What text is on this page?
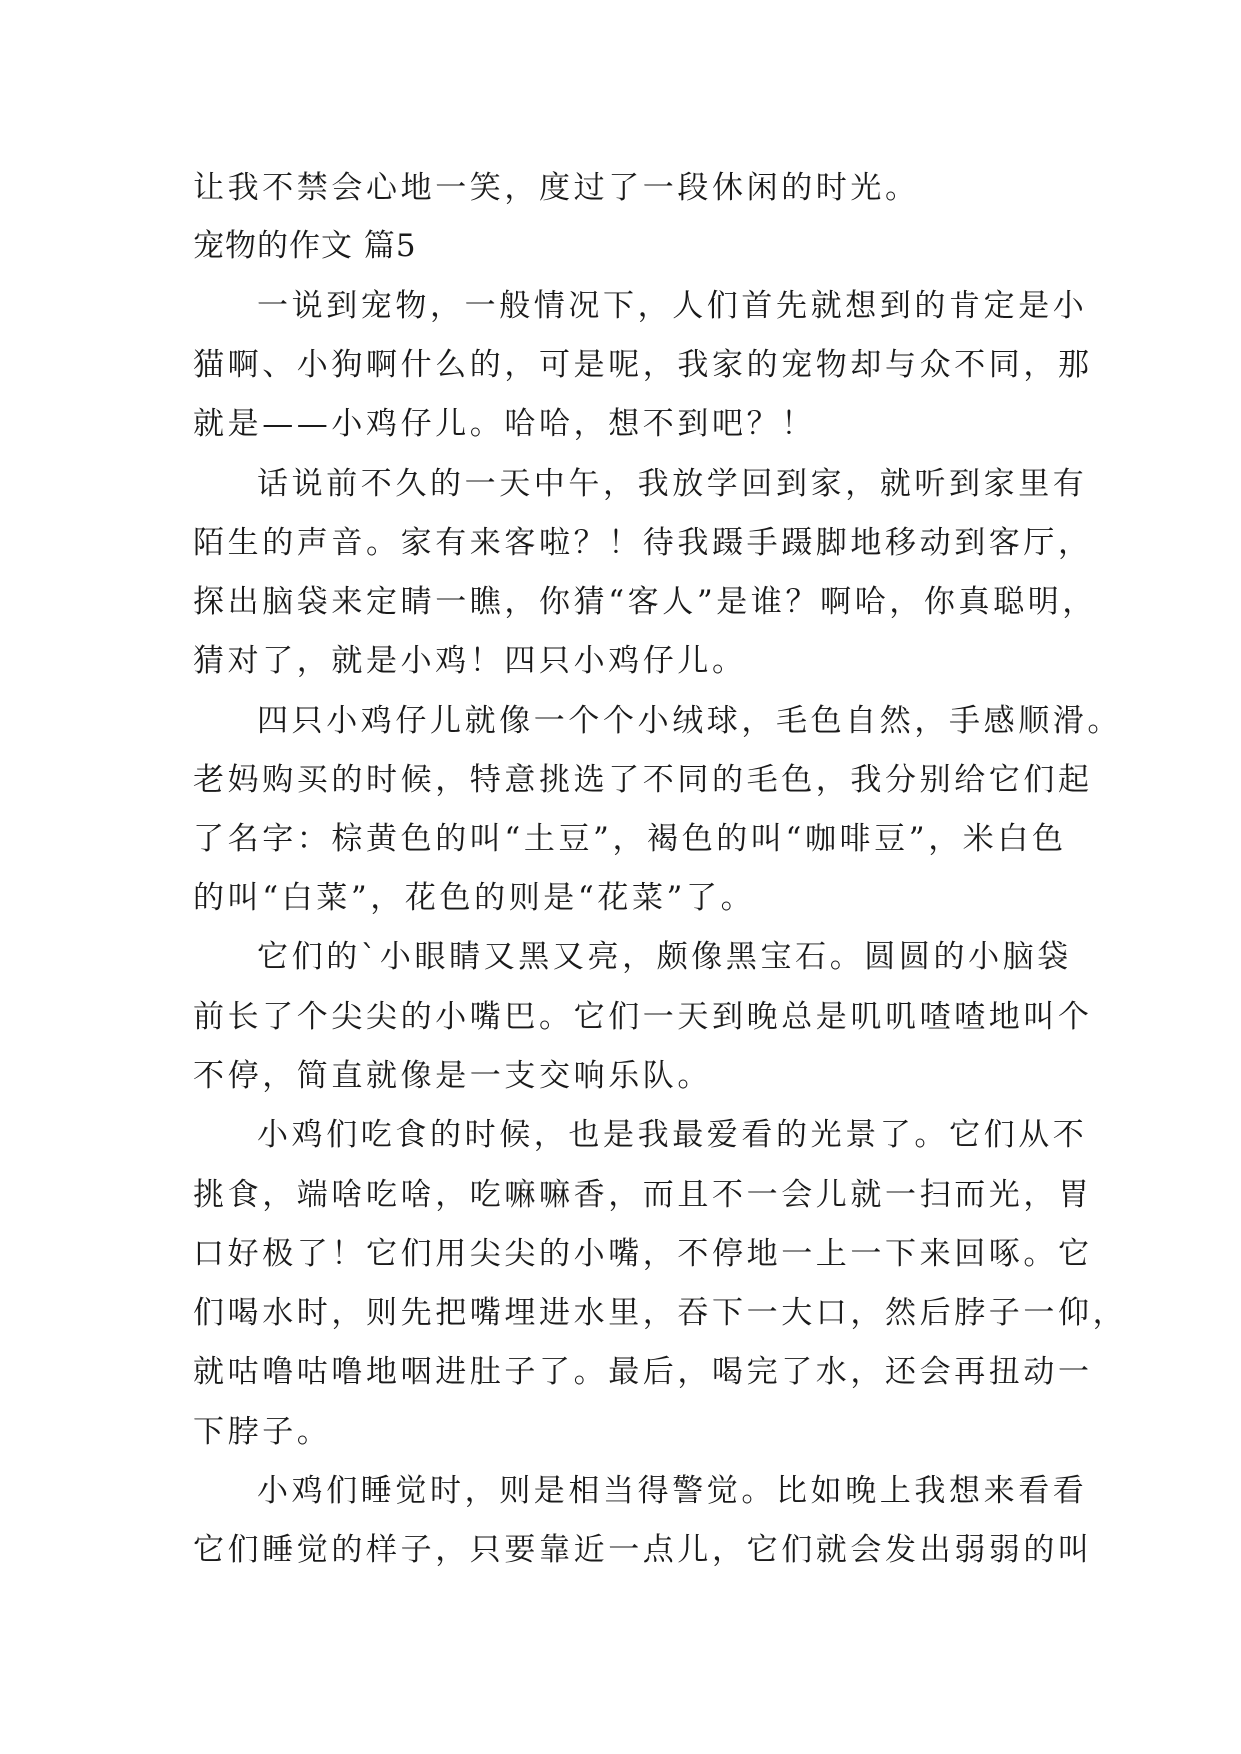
让我不禁会心地一笑，度过了一段休闲的时光。
宠物的作文 篇5
一说到宠物，一般情况下，人们首先就想到的肯定是小
猫啊、小狗啊什么的，可是呢，我家的宠物却与众不同，那
就是——小鸡仔儿。哈哈，想不到吧？！
话说前不久的一天中午，我放学回到家，就听到家里有
陌生的声音。家有来客啦？！待我蹑手蹑脚地移动到客厅，
探出脑袋来定睛一瞧，你猜“客人”是谁？啊哈，你真聪明，
猜对了，就是小鸡！四只小鸡仔儿。
四只小鸡仔儿就像一个个小绒球，毛色自然，手感顺滑。
老妈购买的时候，特意挑选了不同的毛色，我分别给它们起
了名字：棕黄色的叫“土豆”，褐色的叫“咖啡豆”，米白色
的叫“白菜”，花色的则是“花菜”了。
它们的`小眼睛又黑又亮，颇像黑宝石。圆圆的小脑袋
前长了个尖尖的小嘴巴。它们一天到晚总是叽叽喳喳地叫个
不停，简直就像是一支交响乐队。
小鸡们吃食的时候，也是我最爱看的光景了。它们从不
挑食，端啥吃啥，吃嘛嘛香，而且不一会儿就一扫而光，胃
口好极了！它们用尖尖的小嘴，不停地一上一下来回啄。它
们喝水时，则先把嘴埋进水里，吞下一大口，然后脖子一仰，
就咕噜咕噜地咽进肚子了。最后，喝完了水，还会再扭动一
下脖子。
小鸡们睡觉时，则是相当得警觉。比如晚上我想来看看
它们睡觉的样子，只要靠近一点儿，它们就会发出弱弱的叫
